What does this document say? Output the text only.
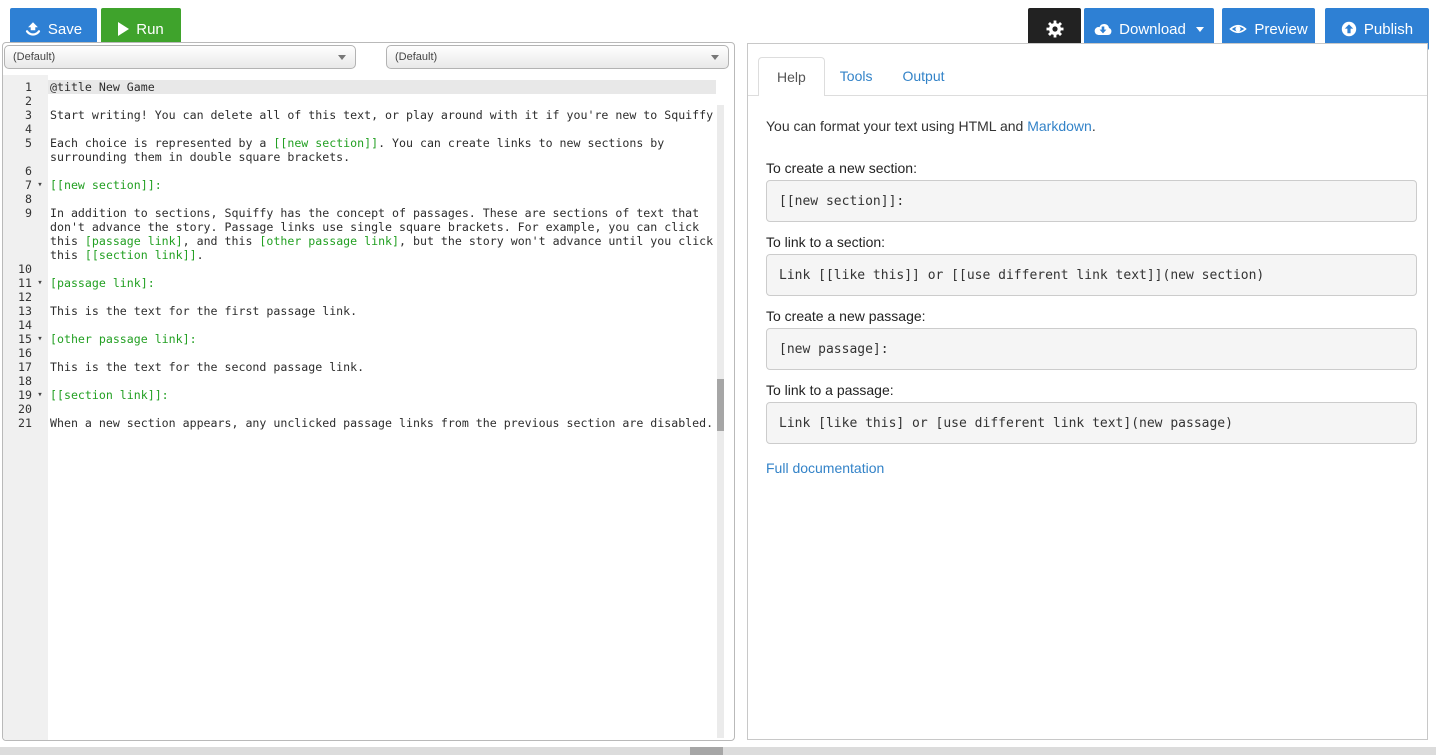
Save	Run	Download	Preview	Publish
(Default)	(Default)
1 @title New Game
2
3 Start writing! You can delete all of this text, or play around with it if you're new to Squiffy
4
5 Each choice is represented by a [[new section]]. You can create links to new sections by
surrounding them in double square brackets.
6
7 ▾ [[new section]]:
8
9 In addition to sections, Squiffy has the concept of passages. These are sections of text that
don't advance the story. Passage links use single square brackets. For example, you can click
this [passage link], and this [other passage link], but the story won't advance until you click
this [[section link]].
10
11 ▾ [passage link]:
12
13 This is the text for the first passage link.
14
15 ▾ [other passage link]:
16
17 This is the text for the second passage link.
18
19 ▾ [[section link]]:
20
21 When a new section appears, any unclicked passage links from the previous section are disabled.
Help	Tools	Output

You can format your text using HTML and Markdown.

To create a new section:
[[new section]]:
To link to a section:
Link [[like this]] or [[use different link text]](new section)
To create a new passage:
[new passage]:
To link to a passage:
Link [like this] or [use different link text](new passage)
Full documentation
